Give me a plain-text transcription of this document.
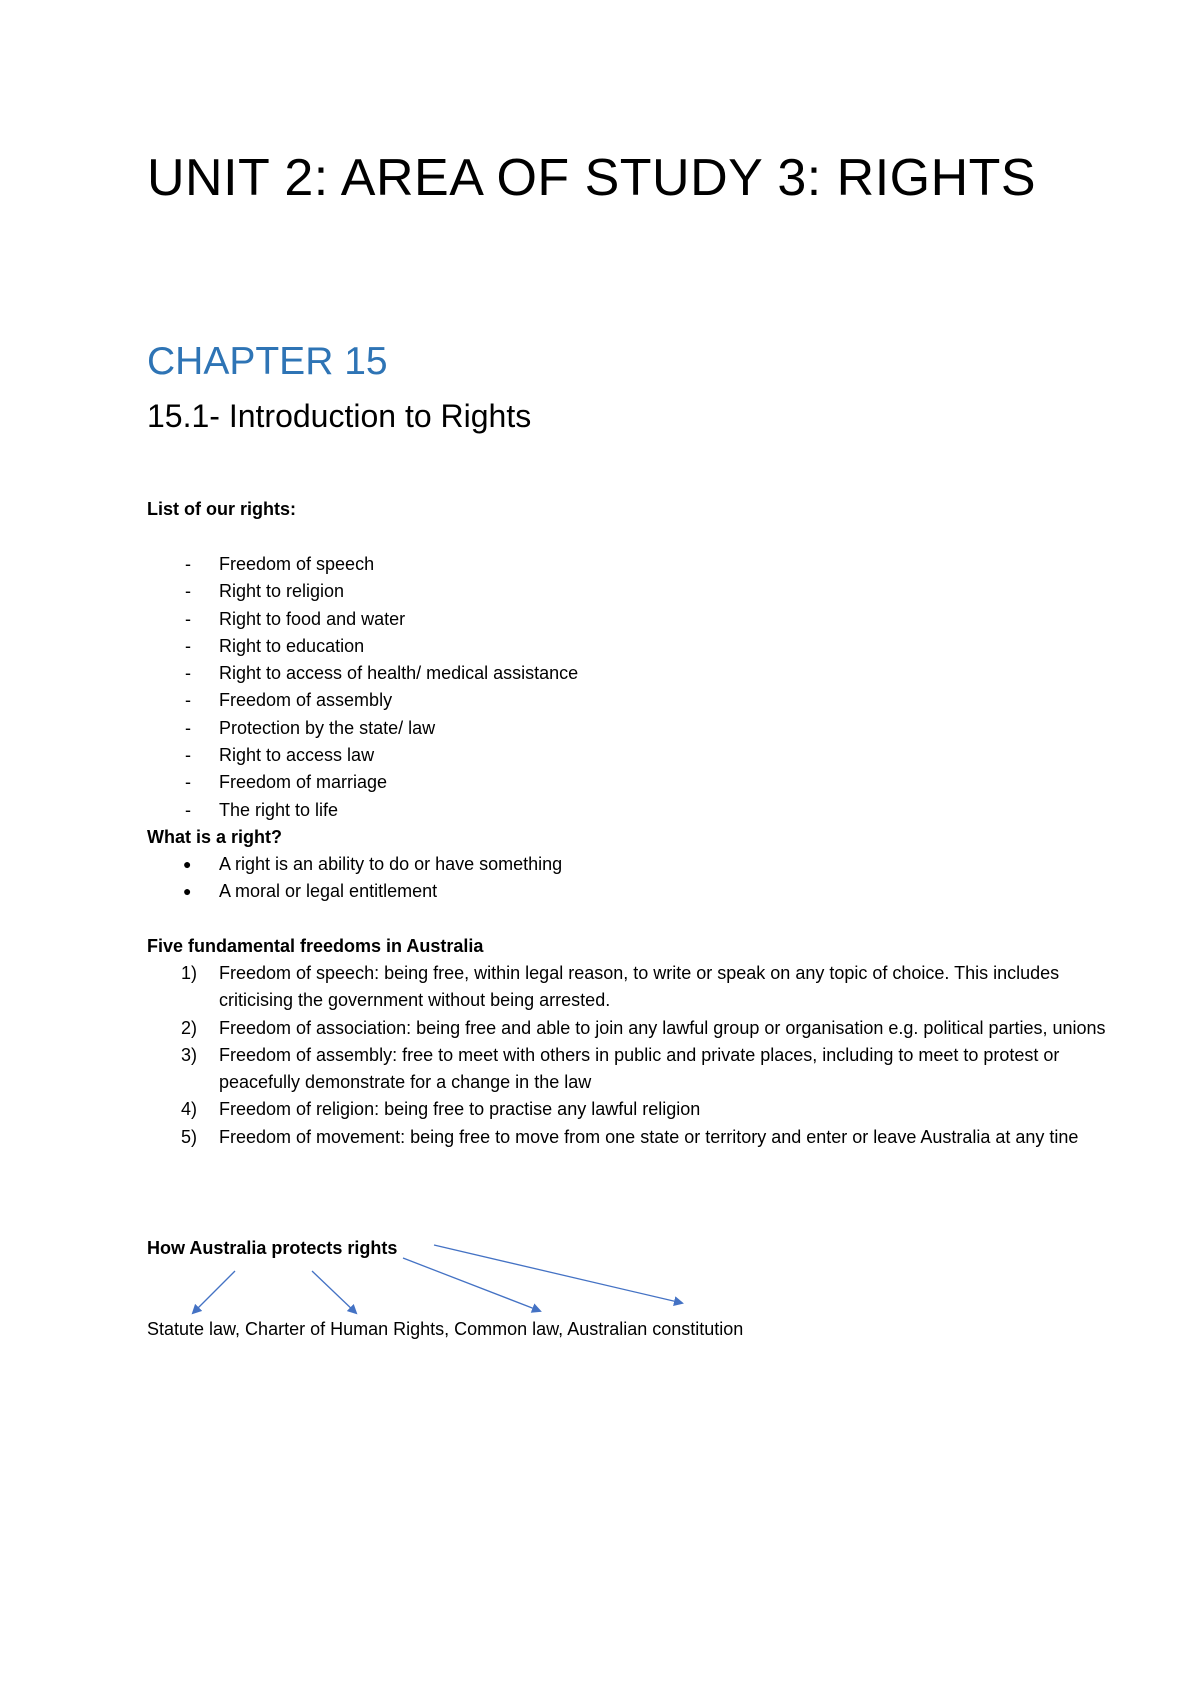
UNIT 2: AREA OF STUDY 3: RIGHTS
CHAPTER 15
15.1- Introduction to Rights

List of our rights:

- Freedom of speech
- Right to religion
- Right to food and water
- Right to education
- Right to access of health/ medical assistance
- Freedom of assembly
- Protection by the state/ law
- Right to access law
- Freedom of marriage
- The right to life

What is a right?

● A right is an ability to do or have something
● A moral or legal entitlement

Five fundamental freedoms in Australia

1) Freedom of speech: being free, within legal reason, to write or speak on any topic of choice. This includes criticising the government without being arrested.
2) Freedom of association: being free and able to join any lawful group or organisation e.g. political parties, unions
3) Freedom of assembly: free to meet with others in public and private places, including to meet to protest or peacefully demonstrate for a change in the law
4) Freedom of religion: being free to practise any lawful religion
5) Freedom of movement: being free to move from one state or territory and enter or leave Australia at any tine

How Australia protects rights

Statute law, Charter of Human Rights, Common law, Australian constitution
